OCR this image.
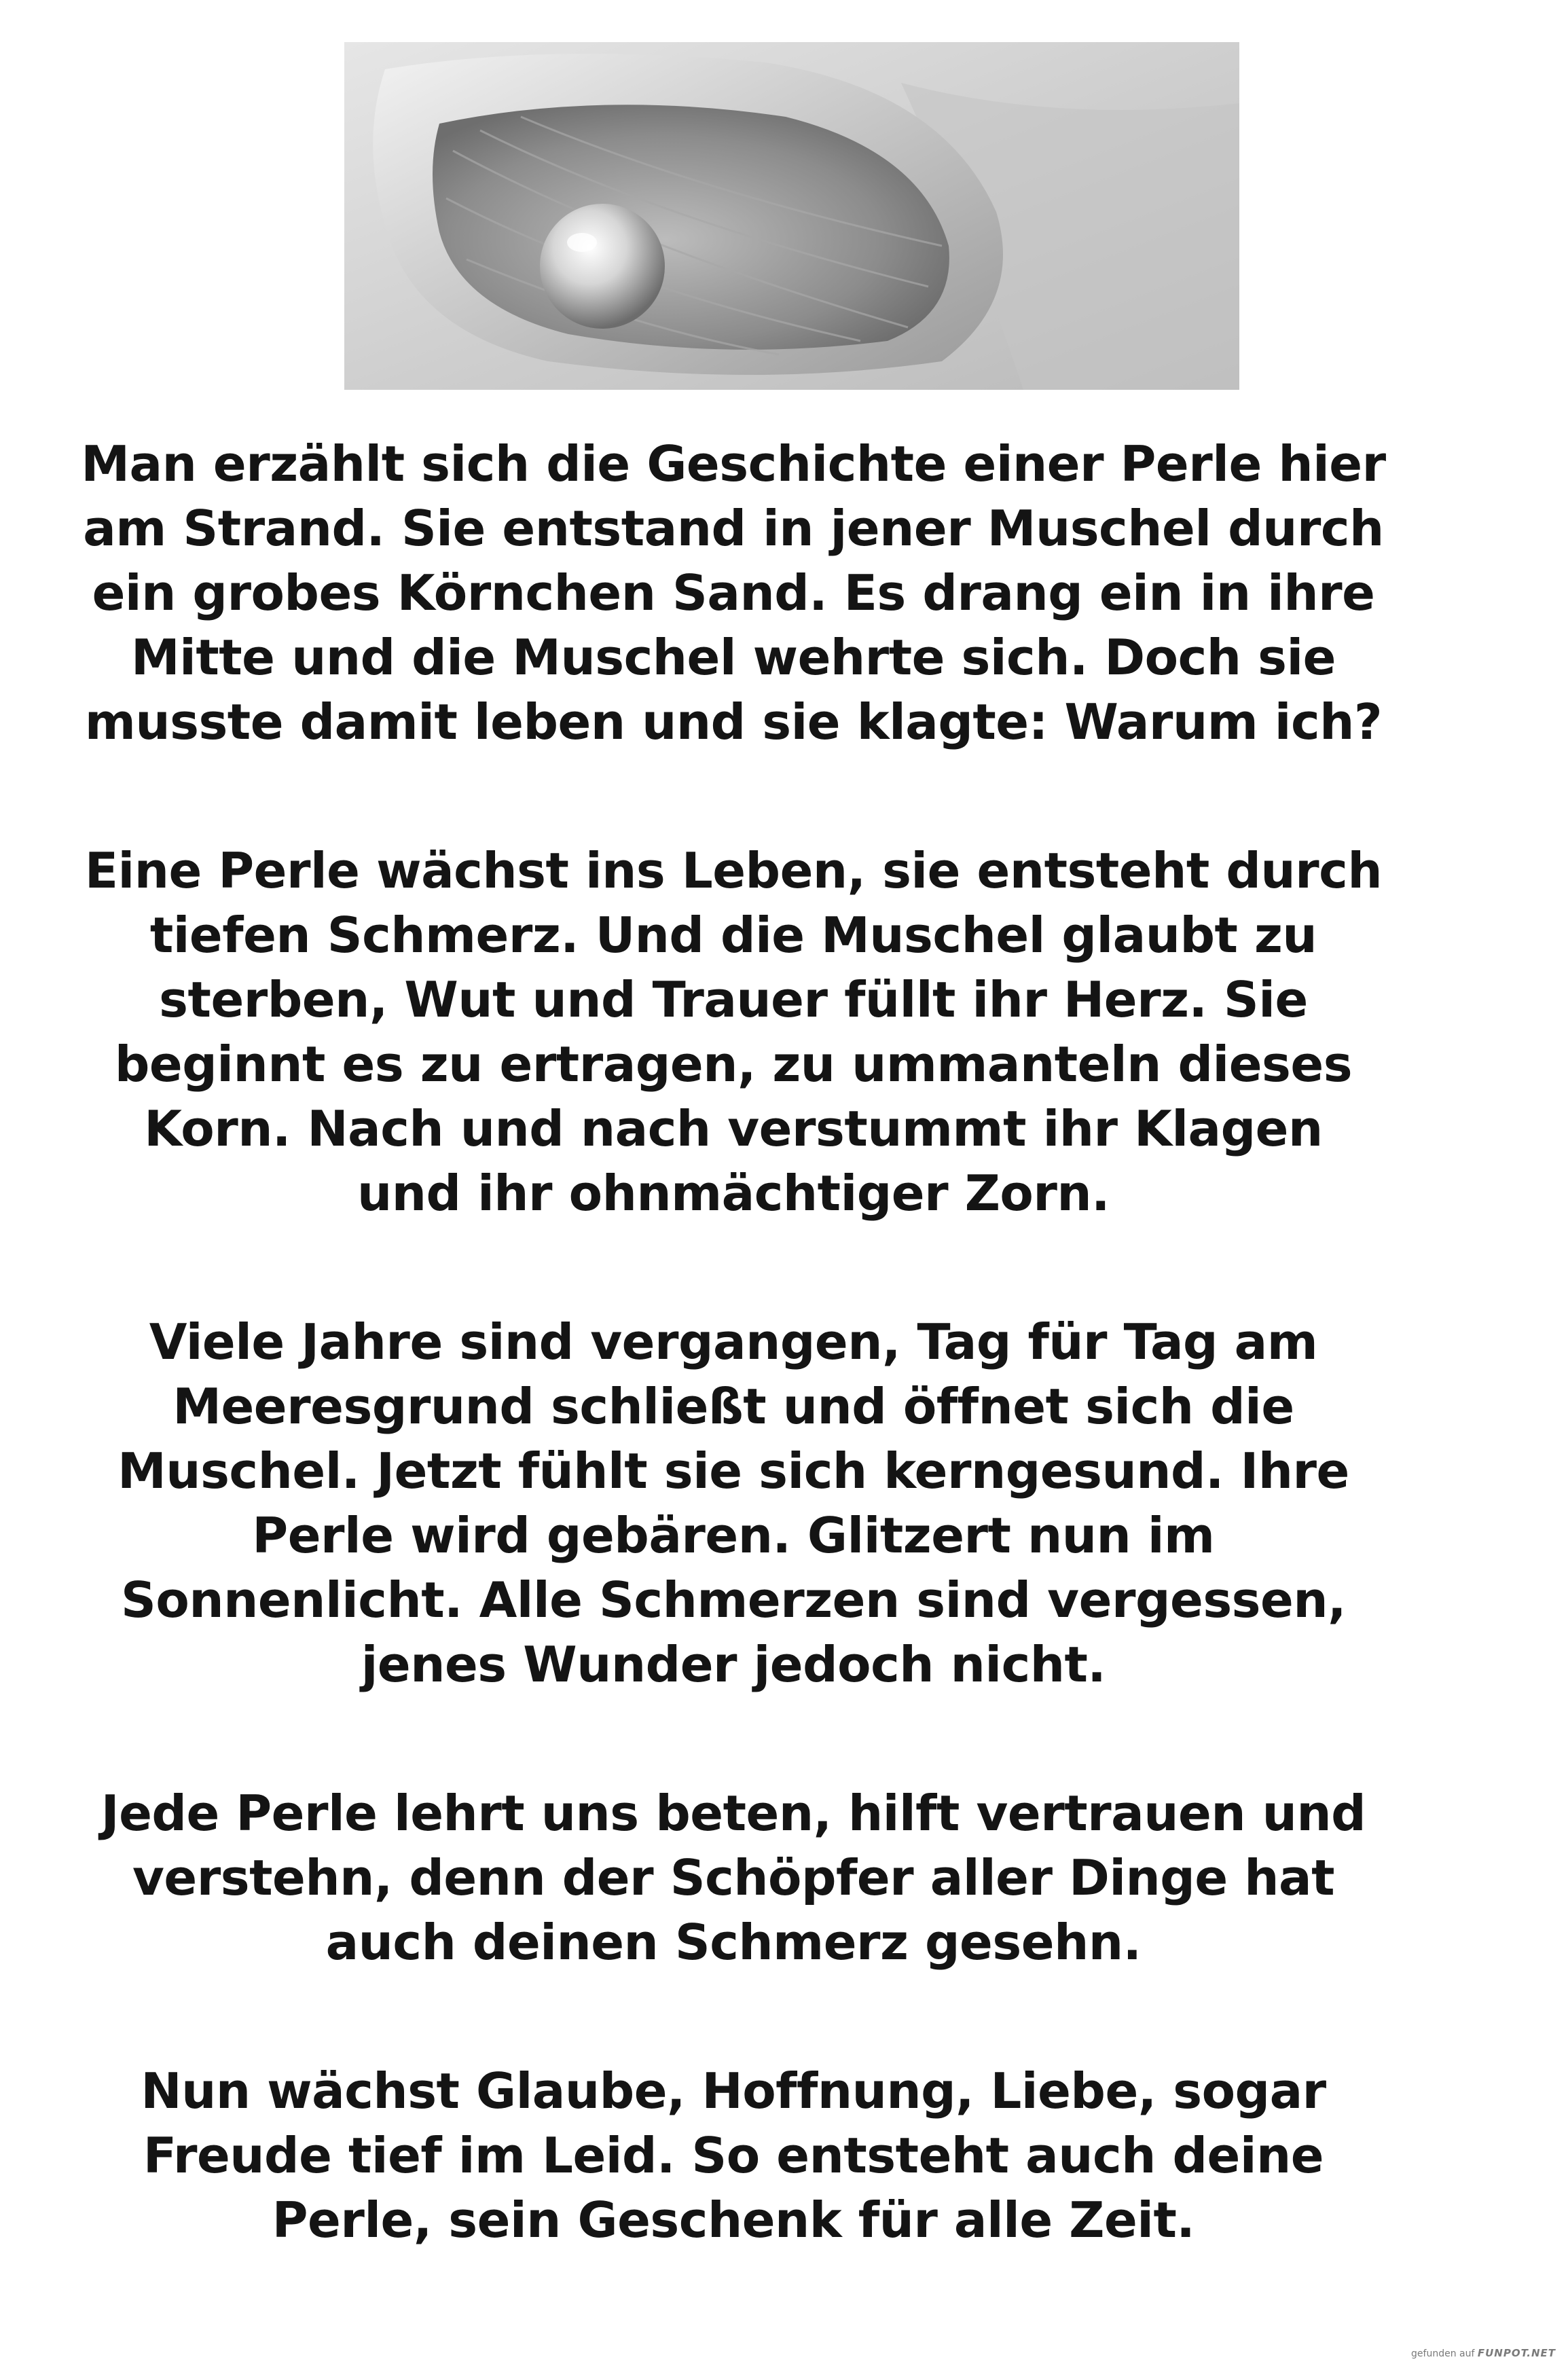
Man erzählt sich die Geschichte einer Perle hier
am Strand. Sie entstand in jener Muschel durch
ein grobes Körnchen Sand. Es drang ein in ihre
Mitte und die Muschel wehrte sich. Doch sie
musste damit leben und sie klagte: Warum ich?
Eine Perle wächst ins Leben, sie entsteht durch
tiefen Schmerz. Und die Muschel glaubt zu
sterben, Wut und Trauer füllt ihr Herz. Sie
beginnt es zu ertragen, zu ummanteln dieses
Korn. Nach und nach verstummt ihr Klagen
und ihr ohnmächtiger Zorn.
Viele Jahre sind vergangen, Tag für Tag am
Meeresgrund schließt und öffnet sich die
Muschel. Jetzt fühlt sie sich kerngesund. Ihre
Perle wird gebären. Glitzert nun im
Sonnenlicht. Alle Schmerzen sind vergessen,
jenes Wunder jedoch nicht.
Jede Perle lehrt uns beten, hilft vertrauen und
verstehn, denn der Schöpfer aller Dinge hat
auch deinen Schmerz gesehn.
Nun wächst Glaube, Hoffnung, Liebe, sogar
Freude tief im Leid. So entsteht auch deine
Perle, sein Geschenk für alle Zeit.
gefunden auf FUNPOT.NET
